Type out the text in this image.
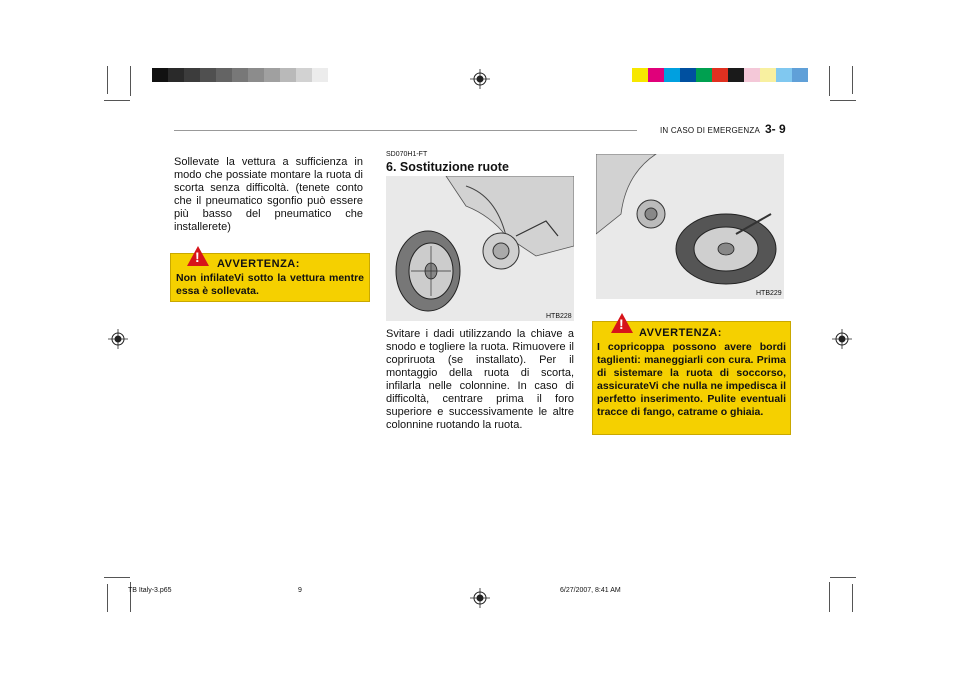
IN CASO DI EMERGENZA 3- 9
Sollevate la vettura a sufficienza in modo che possiate montare la ruota di scorta senza difficoltà. (tenete conto che il pneumatico sgonfio può essere più basso del pneumatico che installerete)
! AVVERTENZA:
Non infilateVi sotto la vettura mentre essa è sollevata.
SD070H1-FT
6. Sostituzione ruote
HTB228
Svitare i dadi utilizzando la chiave a snodo e togliere la ruota. Rimuovere il copriruota (se installato). Per il montaggio della ruota di scorta, infilarla nelle colonnine. In caso di difficoltà, centrare prima il foro superiore e successivamente le altre colonnine ruotando la ruota.
HTB229
!
AVVERTENZA:
I copricoppa possono avere bordi taglienti: maneggiarli con cura. Prima di sistemare la ruota di soccorso, assicurateVi che nulla ne impedisca il perfetto inserimento. Pulite eventuali tracce di fango, catrame o ghiaia.
TB Italy-3.p65	9	6/27/2007, 8:41 AM
